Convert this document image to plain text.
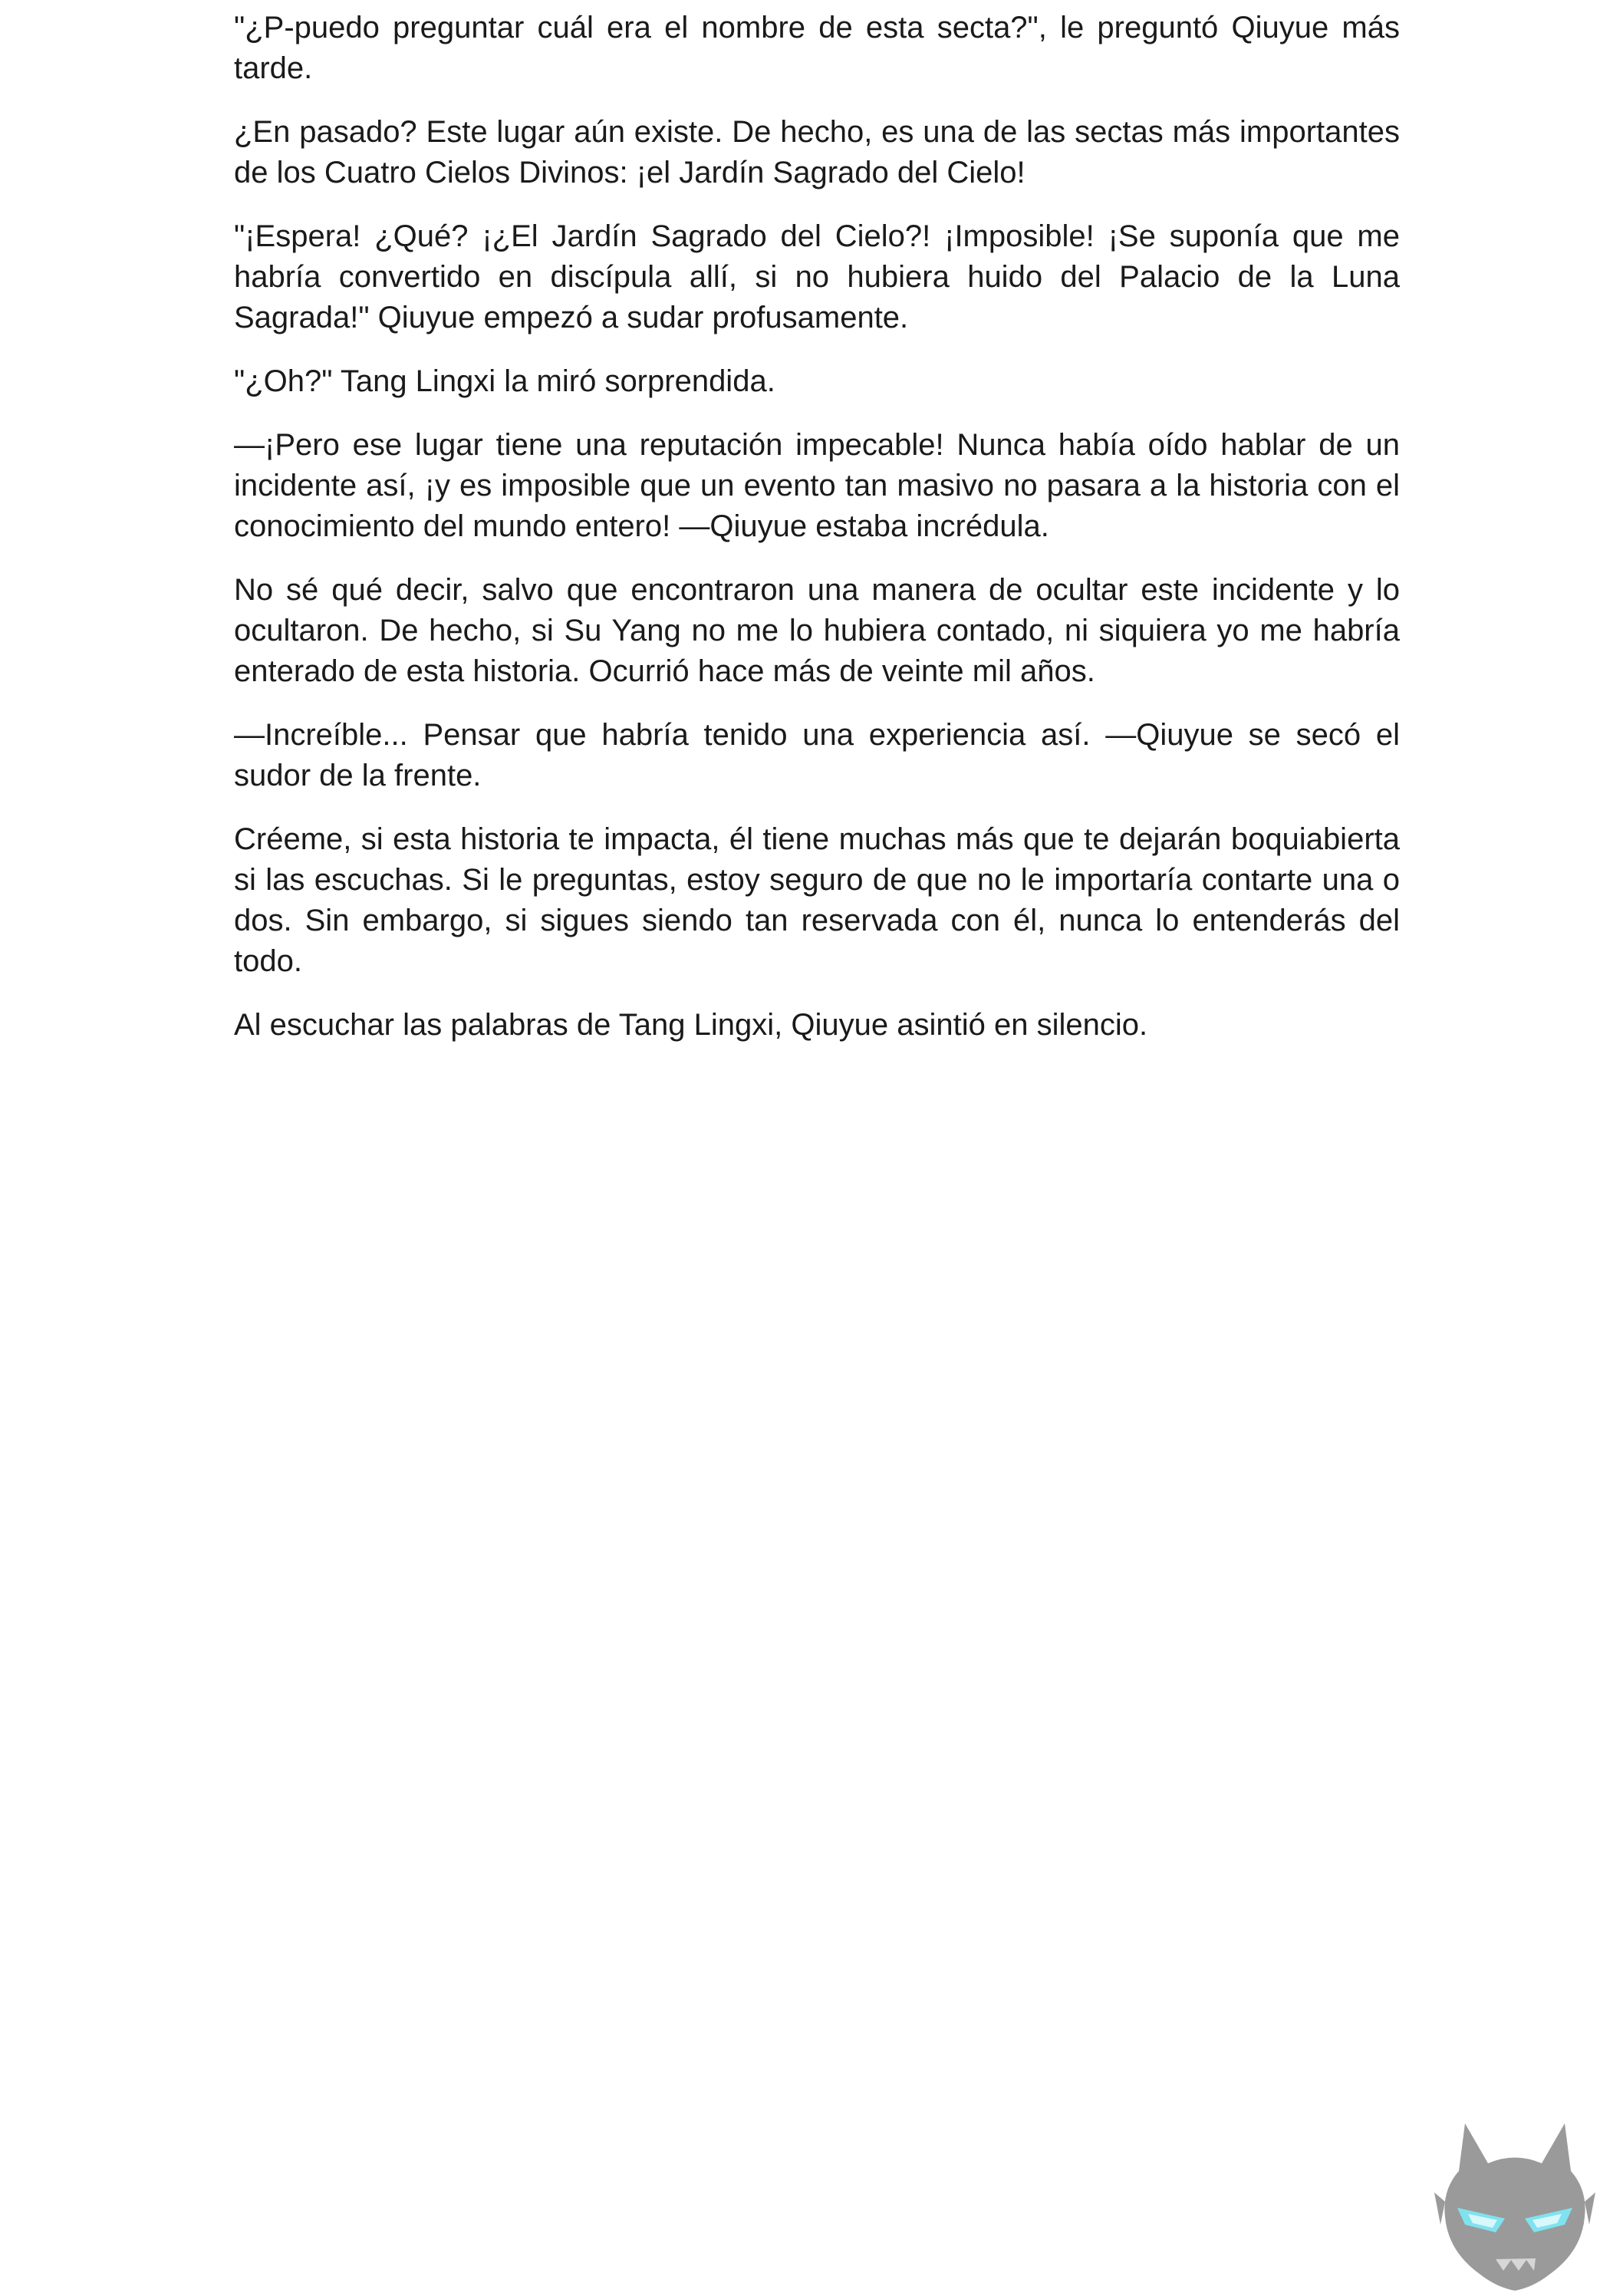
"¿P-puedo preguntar cuál era el nombre de esta secta?", le preguntó Qiuyue más tarde.

¿En pasado? Este lugar aún existe. De hecho, es una de las sectas más importantes de los Cuatro Cielos Divinos: ¡el Jardín Sagrado del Cielo!

"¡Espera! ¿Qué? ¡¿El Jardín Sagrado del Cielo?! ¡Imposible! ¡Se suponía que me habría convertido en discípula allí, si no hubiera huido del Palacio de la Luna Sagrada!" Qiuyue empezó a sudar profusamente.

"¿Oh?" Tang Lingxi la miró sorprendida.

—¡Pero ese lugar tiene una reputación impecable! Nunca había oído hablar de un incidente así, ¡y es imposible que un evento tan masivo no pasara a la historia con el conocimiento del mundo entero! —Qiuyue estaba incrédula.

No sé qué decir, salvo que encontraron una manera de ocultar este incidente y lo ocultaron. De hecho, si Su Yang no me lo hubiera contado, ni siquiera yo me habría enterado de esta historia. Ocurrió hace más de veinte mil años.

—Increíble... Pensar que habría tenido una experiencia así. —Qiuyue se secó el sudor de la frente.

Créeme, si esta historia te impacta, él tiene muchas más que te dejarán boquiabierta si las escuchas. Si le preguntas, estoy seguro de que no le importaría contarte una o dos. Sin embargo, si sigues siendo tan reservada con él, nunca lo entenderás del todo.

Al escuchar las palabras de Tang Lingxi, Qiuyue asintió en silencio.
